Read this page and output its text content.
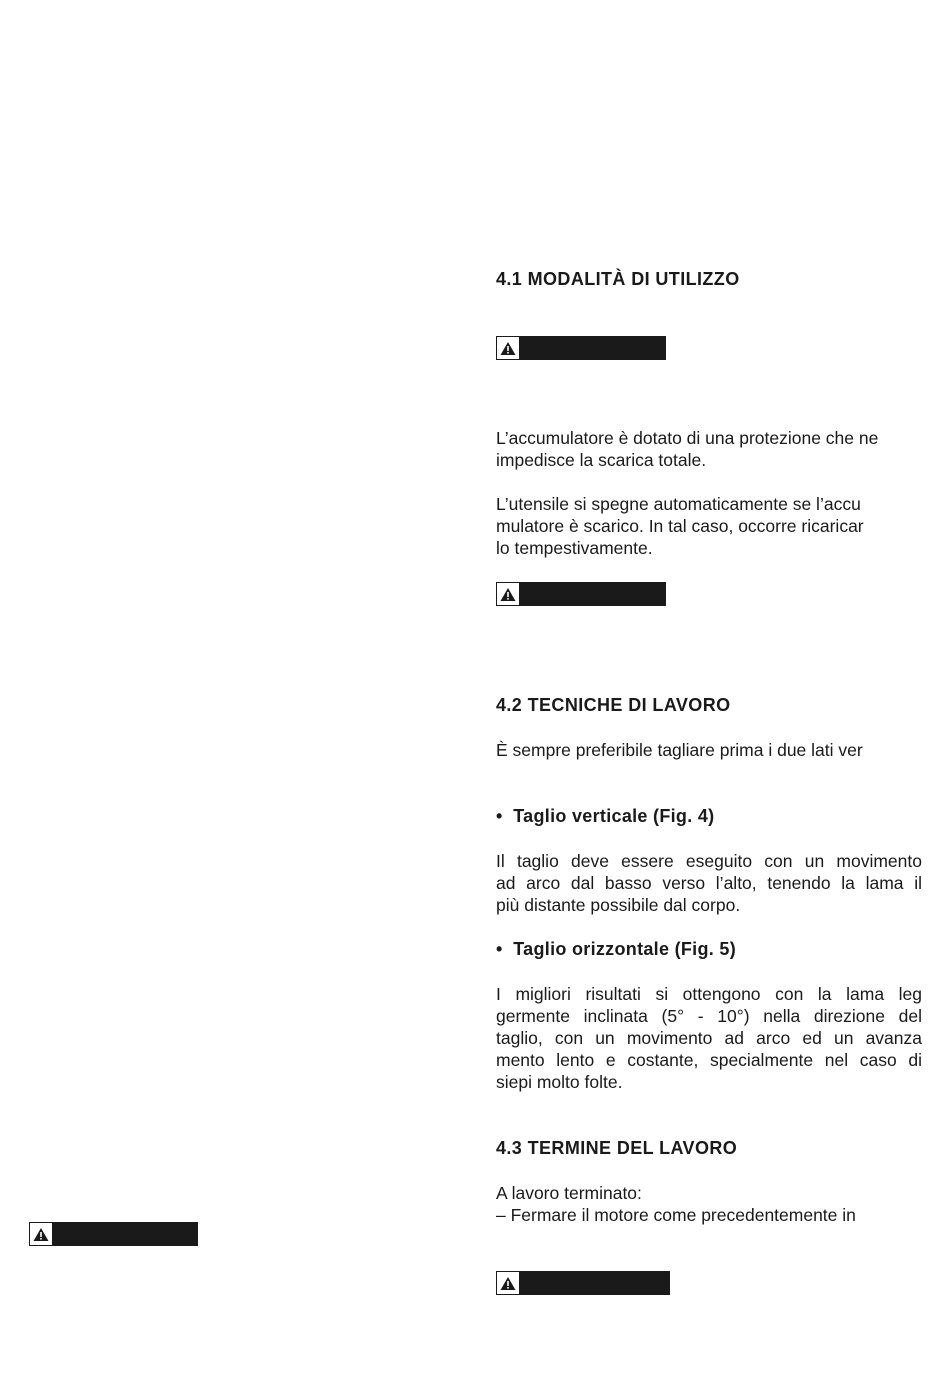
4.1 MODALITÀ DI UTILIZZO
L’accumulatore è dotato di una protezione che ne
impedisce la scarica totale.
L’utensile si spegne automaticamente se l’accu
mulatore è scarico. In tal caso, occorre ricaricar
lo tempestivamente.
4.2 TECNICHE DI LAVORO
È sempre preferibile tagliare prima i due lati ver
• Taglio verticale (Fig. 4)
Il taglio deve essere eseguito con un movimento
ad arco dal basso verso l’alto, tenendo la lama il
più distante possibile dal corpo.
• Taglio orizzontale (Fig. 5)
I migliori risultati si ottengono con la lama leg
germente inclinata (5° - 10°) nella direzione del
taglio, con un movimento ad arco ed un avanza
mento lento e costante, specialmente nel caso di
siepi molto folte.
4.3 TERMINE DEL LAVORO
A lavoro terminato:
– Fermare il motore come precedentemente in
